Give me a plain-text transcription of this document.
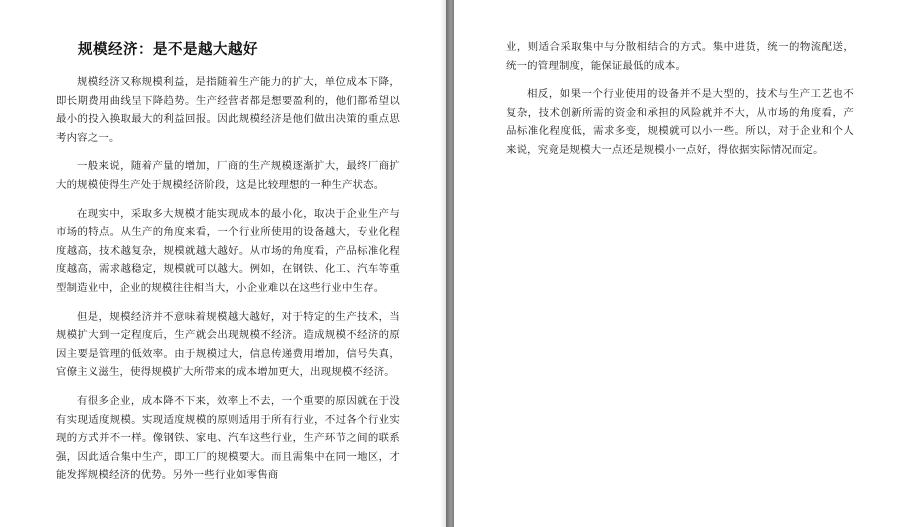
规模经济：是不是越大越好

规模经济又称规模利益，是指随着生产能力的扩大，单位成本下降，即长期费用曲线呈下降趋势。生产经营者都是想要盈利的，他们都希望以最小的投入换取最大的利益回报。因此规模经济是他们做出决策的重点思考内容之一。

一般来说，随着产量的增加，厂商的生产规模逐渐扩大，最终厂商扩大的规模使得生产处于规模经济阶段，这是比较理想的一种生产状态。

在现实中，采取多大规模才能实现成本的最小化，取决于企业生产与市场的特点。从生产的角度来看，一个行业所使用的设备越大，专业化程度越高，技术越复杂，规模就越大越好。从市场的角度看，产品标准化程度越高，需求越稳定，规模就可以越大。例如，在钢铁、化工、汽车等重型制造业中，企业的规模往往相当大，小企业难以在这些行业中生存。

但是，规模经济并不意味着规模越大越好，对于特定的生产技术，当规模扩大到一定程度后，生产就会出现规模不经济。造成规模不经济的原因主要是管理的低效率。由于规模过大，信息传递费用增加，信号失真，官僚主义滋生，使得规模扩大所带来的成本增加更大，出现规模不经济。

有很多企业，成本降不下来，效率上不去，一个重要的原因就在于没有实现适度规模。实现适度规模的原则适用于所有行业，不过各个行业实现的方式并不一样。像钢铁、家电、汽车这些行业，生产环节之间的联系强，因此适合集中生产，即工厂的规模要大。而且需集中在同一地区，才能发挥规模经济的优势。另外一些行业如零售商

业，则适合采取集中与分散相结合的方式。集中进货，统一的物流配送，统一的管理制度，能保证最低的成本。

相反，如果一个行业使用的设备并不是大型的，技术与生产工艺也不复杂，技术创新所需的资金和承担的风险就并不大，从市场的角度看，产品标准化程度低，需求多变，规模就可以小一些。所以，对于企业和个人来说，究竟是规模大一点还是规模小一点好，得依据实际情况而定。
